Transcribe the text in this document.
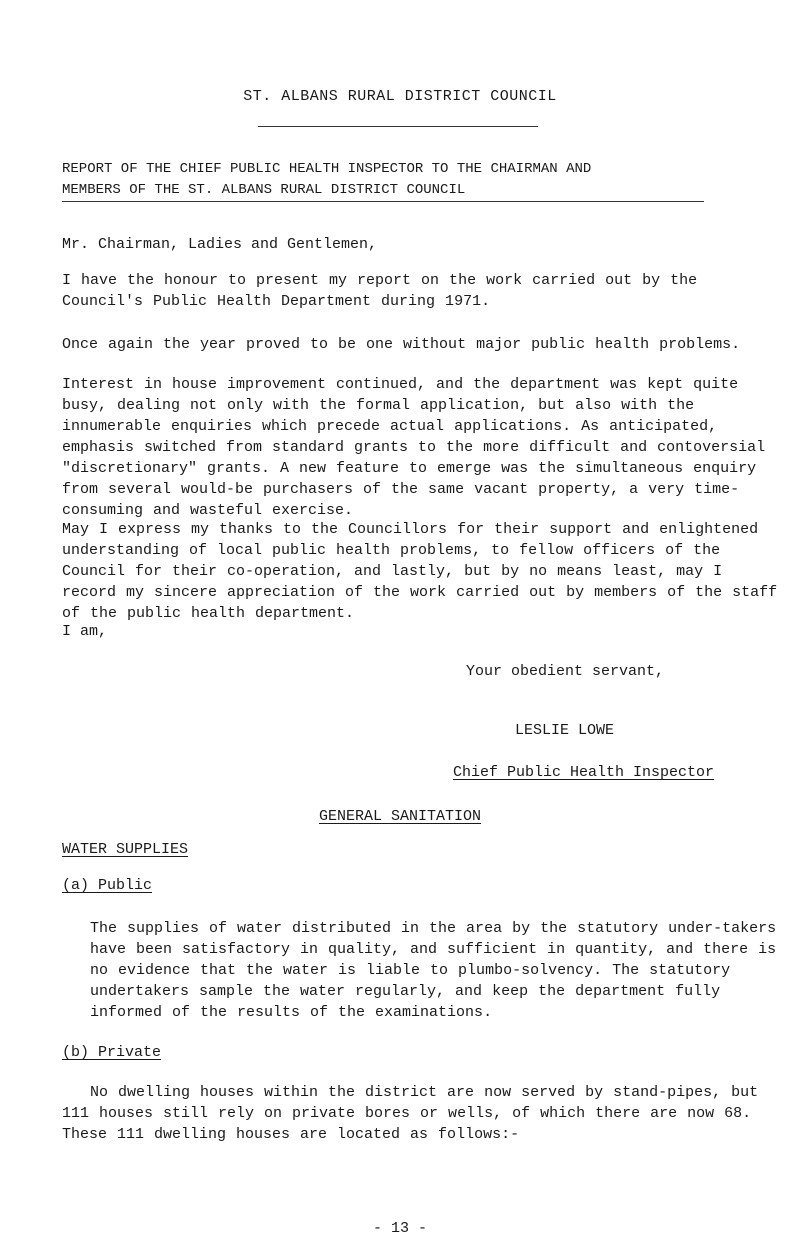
ST. ALBANS RURAL DISTRICT COUNCIL
REPORT OF THE CHIEF PUBLIC HEALTH INSPECTOR TO THE CHAIRMAN AND
MEMBERS OF THE ST. ALBANS RURAL DISTRICT COUNCIL
Mr. Chairman, Ladies and Gentlemen,

I have the honour to present my report on the work carried out by the Council's Public Health Department during 1971.

Once again the year proved to be one without major public health problems.

Interest in house improvement continued, and the department was kept quite busy, dealing not only with the formal application, but also with the innumerable enquiries which precede actual applications. As anticipated, emphasis switched from standard grants to the more difficult and contoversial "discretionary" grants. A new feature to emerge was the simultaneous enquiry from several would-be purchasers of the same vacant property, a very time-consuming and wasteful exercise.

May I express my thanks to the Councillors for their support and enlightened understanding of local public health problems, to fellow officers of the Council for their co-operation, and lastly, but by no means least, may I record my sincere appreciation of the work carried out by members of the staff of the public health department.

I am,
Your obedient servant,
LESLIE LOWE
Chief Public Health Inspector
GENERAL SANITATION
WATER SUPPLIES
(a) Public

The supplies of water distributed in the area by the statutory under-takers have been satisfactory in quality, and sufficient in quantity, and there is no evidence that the water is liable to plumbo-solvency. The statutory undertakers sample the water regularly, and keep the department fully informed of the results of the examinations.

(b) Private

No dwelling houses within the district are now served by stand-pipes, but 111 houses still rely on private bores or wells, of which there are now 68. These 111 dwelling houses are located as follows:-

- 13 -
